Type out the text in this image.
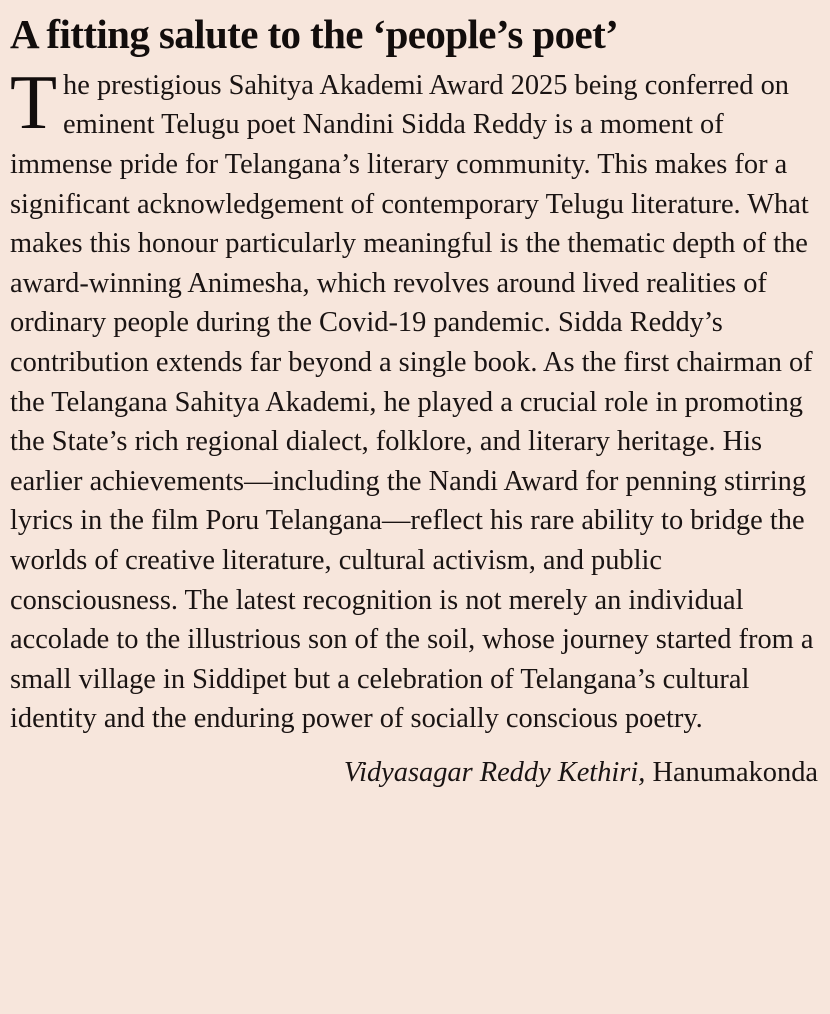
A fitting salute to the ‘people’s poet’
T he prestigious Sahitya Akademi Award 2025 being conferred on eminent Telugu poet Nandini Sidda Reddy is a moment of immense pride for Telangana’s literary community. This makes for a significant acknowledgement of contemporary Telugu literature. What makes this honour particularly meaningful is the thematic depth of the award-winning Animesha, which revolves around lived realities of ordinary people during the Covid-19 pandemic. Sidda Reddy’s contribution extends far beyond a single book. As the first chairman of the Telangana Sahitya Akademi, he played a crucial role in promoting the State’s rich regional dialect, folklore, and literary heritage. His earlier achievements—including the Nandi Award for penning stirring lyrics in the film Poru Telangana—reflect his rare ability to bridge the worlds of creative literature, cultural activism, and public consciousness. The latest recognition is not merely an individual accolade to the illustrious son of the soil, whose journey started from a small village in Siddipet but a celebration of Telangana’s cultural identity and the enduring power of socially conscious poetry.

Vidyasagar Reddy Kethiri, Hanumakonda
